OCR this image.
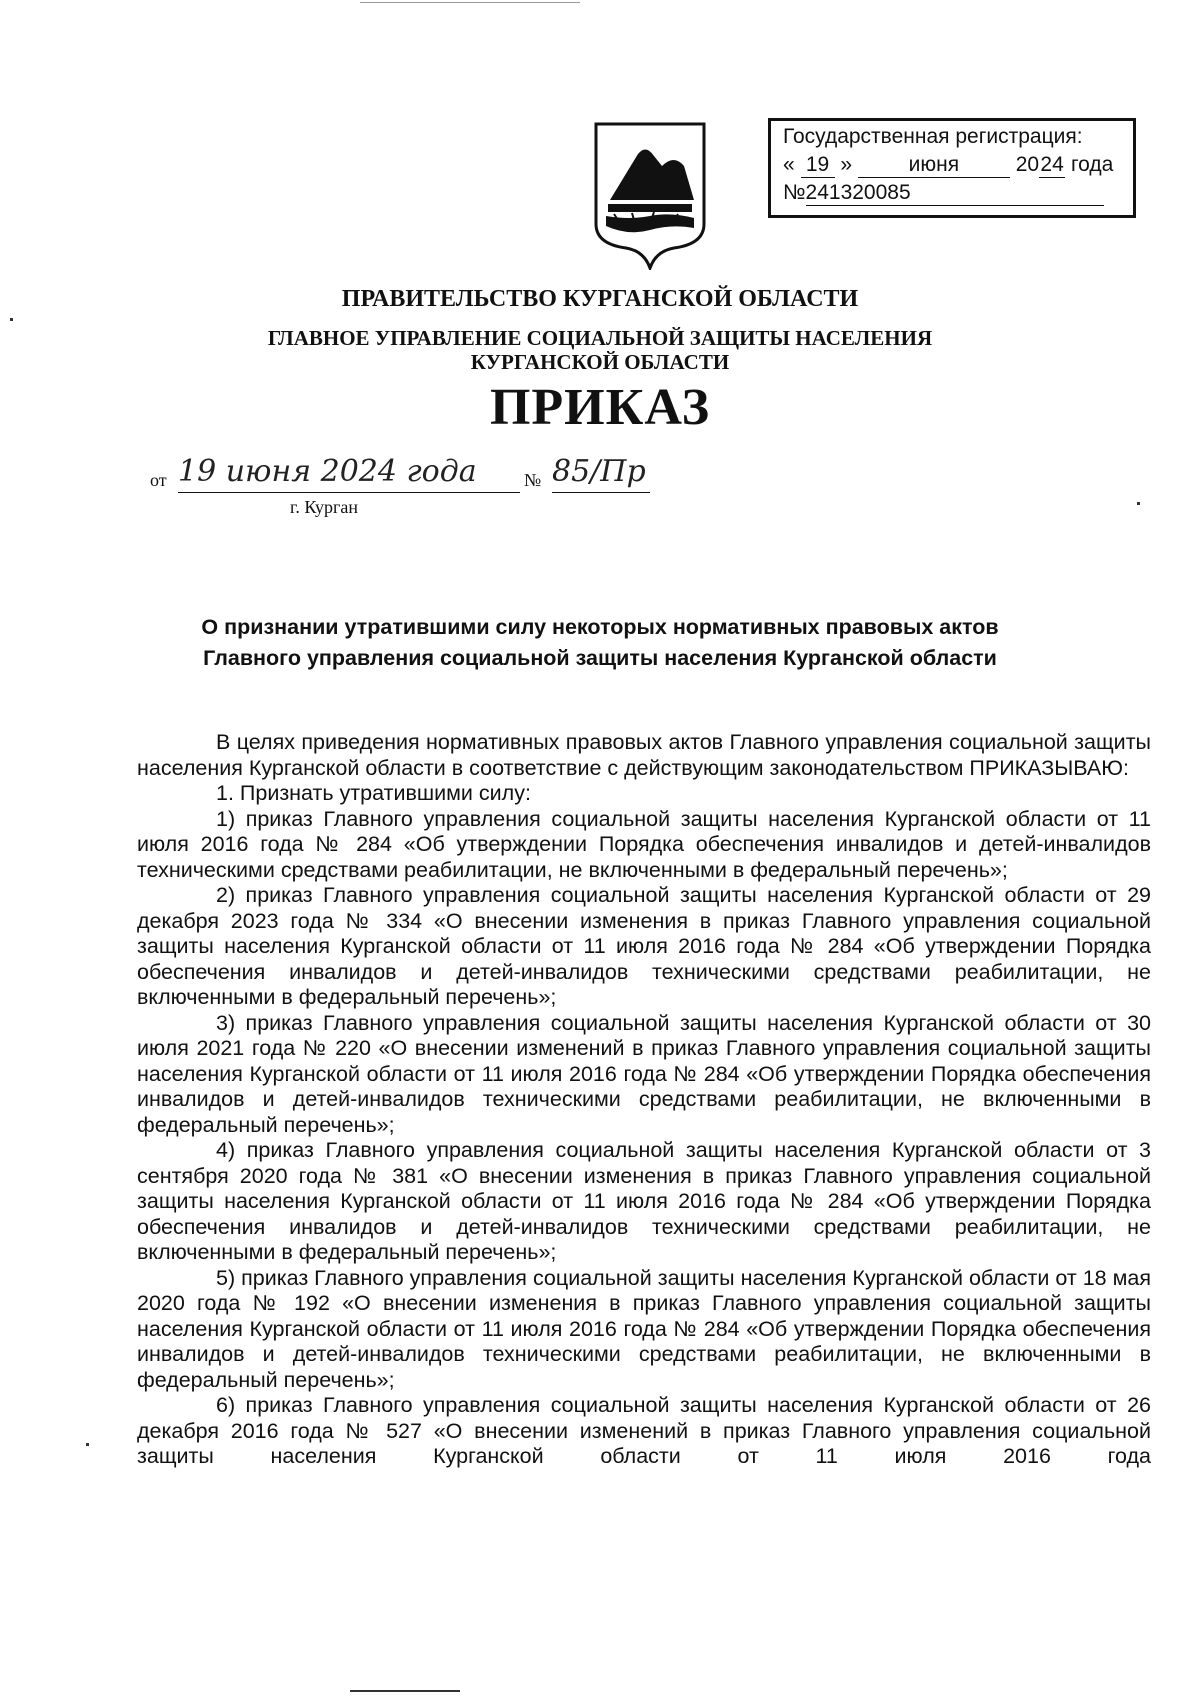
Государственная регистрация:
« 19 »	июня	2024 года
№241320085
ПРАВИТЕЛЬСТВО КУРГАНСКОЙ ОБЛАСТИ
ГЛАВНОЕ УПРАВЛЕНИЕ СОЦИАЛЬНОЙ ЗАЩИТЫ НАСЕЛЕНИЯ
КУРГАНСКОЙ ОБЛАСТИ
ПРИКАЗ
от 19 июня 2024 года	№ 85/Пр
г. Курган
О признании утратившими силу некоторых нормативных правовых актов
Главного управления социальной защиты населения Курганской области

В целях приведения нормативных правовых актов Главного управления социальной защиты населения Курганской области в соответствие с действующим законодательством ПРИКАЗЫВАЮ:

1. Признать утратившими силу:

1) приказ Главного управления социальной защиты населения Курганской области от 11 июля 2016 года № 284 «Об утверждении Порядка обеспечения инвалидов и детей-инвалидов техническими средствами реабилитации, не включенными в федеральный перечень»;

2) приказ Главного управления социальной защиты населения Курганской области от 29 декабря 2023 года № 334 «О внесении изменения в приказ Главного управления социальной защиты населения Курганской области от 11 июля 2016 года № 284 «Об утверждении Порядка обеспечения инвалидов и детей-инвалидов техническими средствами реабилитации, не включенными в федеральный перечень»;

3) приказ Главного управления социальной защиты населения Курганской области от 30 июля 2021 года № 220 «О внесении изменений в приказ Главного управления социальной защиты населения Курганской области от 11 июля 2016 года № 284 «Об утверждении Порядка обеспечения инвалидов и детей-инвалидов техническими средствами реабилитации, не включенными в федеральный перечень»;

4) приказ Главного управления социальной защиты населения Курганской области от 3 сентября 2020 года № 381 «О внесении изменения в приказ Главного управления социальной защиты населения Курганской области от 11 июля 2016 года № 284 «Об утверждении Порядка обеспечения инвалидов и детей-инвалидов техническими средствами реабилитации, не включенными в федеральный перечень»;

5) приказ Главного управления социальной защиты населения Курганской области от 18 мая 2020 года № 192 «О внесении изменения в приказ Главного управления социальной защиты населения Курганской области от 11 июля 2016 года № 284 «Об утверждении Порядка обеспечения инвалидов и детей-инвалидов техническими средствами реабилитации, не включенными в федеральный перечень»;

6) приказ Главного управления социальной защиты населения Курганской области от 26 декабря 2016 года № 527 «О внесении изменений в приказ Главного управления социальной защиты населения Курганской области от 11 июля 2016 года
